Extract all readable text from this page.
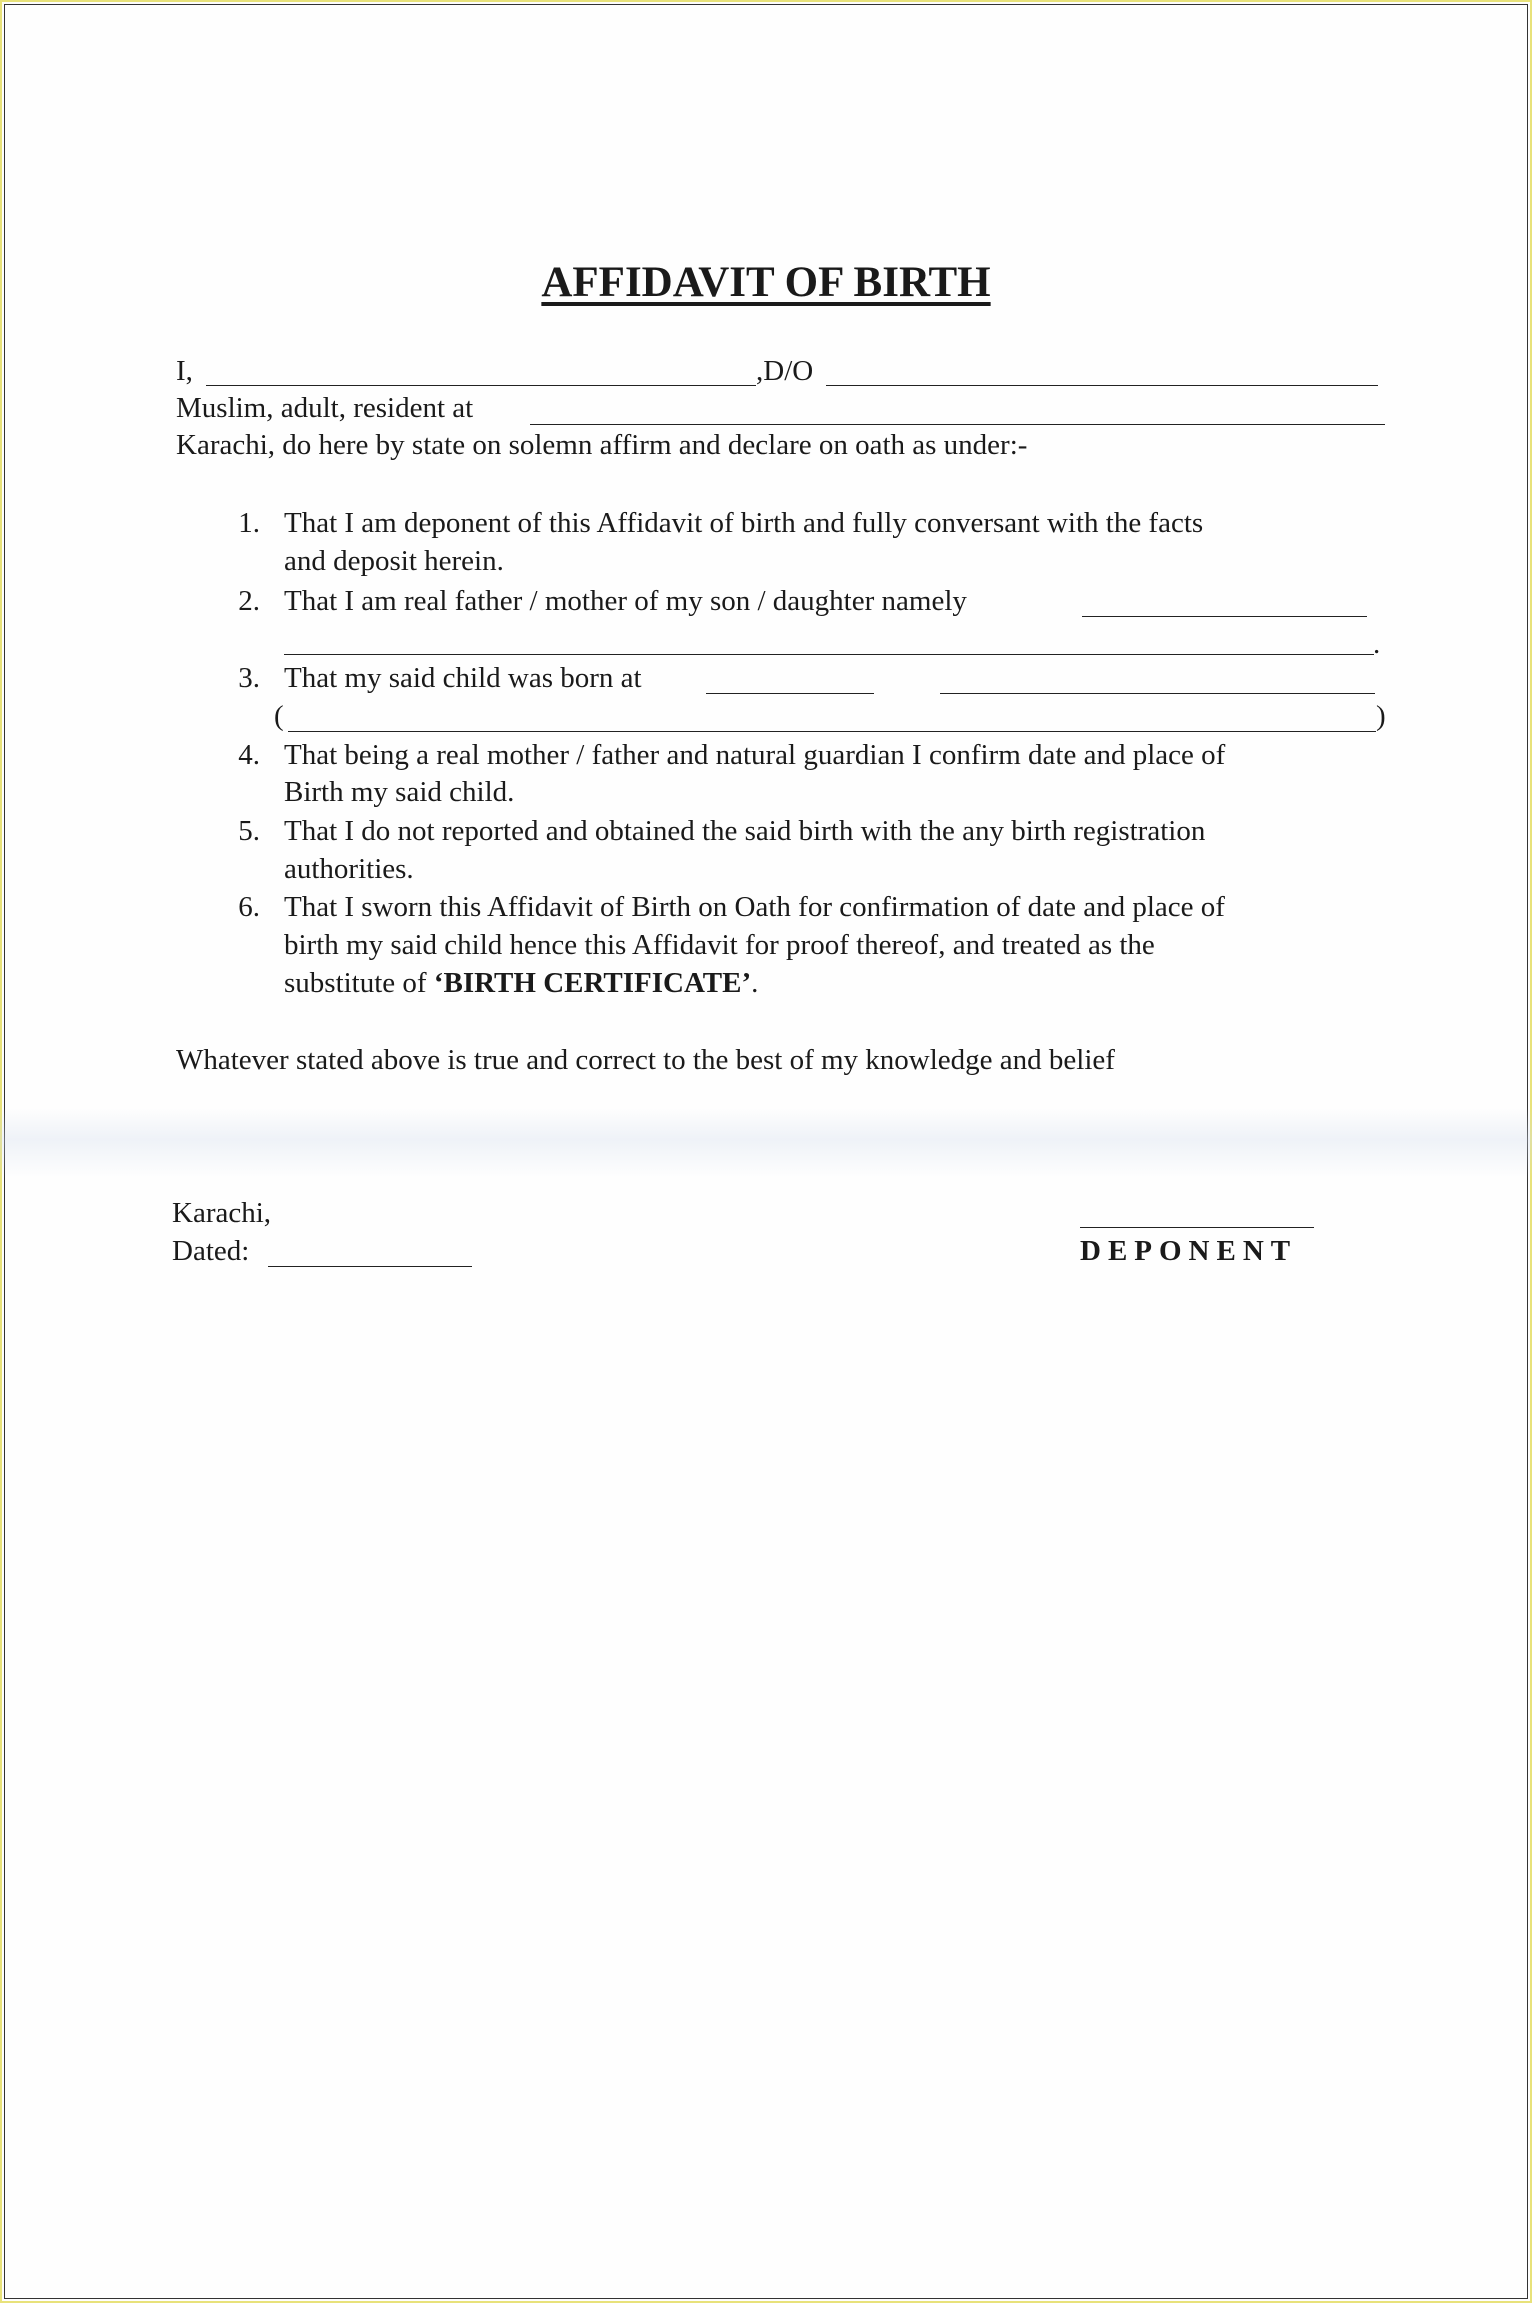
AFFIDAVIT OF BIRTH
I,	,D/O
Muslim, adult, resident at
Karachi, do here by state on solemn affirm and declare on oath as under:-
1. That I am deponent of this Affidavit of birth and fully conversant with the facts
and deposit herein.
2. That I am real father / mother of my son / daughter namely
.
3. That my said child was born at
(	)
4. That being a real mother / father and natural guardian I confirm date and place of
Birth my said child.
5. That I do not reported and obtained the said birth with the any birth registration
authorities.
6. That I sworn this Affidavit of Birth on Oath for confirmation of date and place of
birth my said child hence this Affidavit for proof thereof, and treated as the
substitute of ‘BIRTH CERTIFICATE’.
Whatever stated above is true and correct to the best of my knowledge and belief
Karachi,
Dated:	DEPONENT
